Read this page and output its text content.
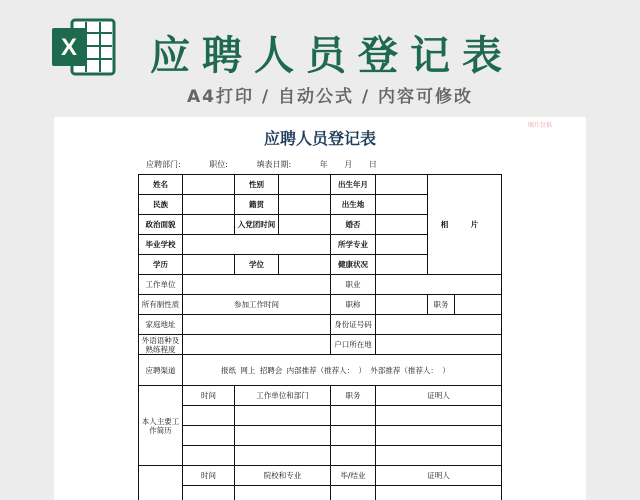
X 应聘人员登记表
A4打印 / 自动公式 / 内容可修改
图片仅供
应聘人员登记表
应聘部门:	职位:	填表日期:	年 月 日
姓名		性别		出生年月		相 片	
民族		籍贯		出生地			
政治面貌		入党团时间		婚否			
毕业学校				所学专业			
学历		学位		健康状况			
工作单位				职业			
所有制性质	参加工作时间			职称		职务	
家庭地址				身份证号码			
外语语种及熟练程度				户口所在地			
应聘渠道	报纸 网上 招聘会 内部推荐（推荐人： ） 外部推荐（推荐人： ）						
本人主要工作简历	时间	工作单位和部门		职务	证明人		

	时间	院校和专业		毕/结业	证明人		
